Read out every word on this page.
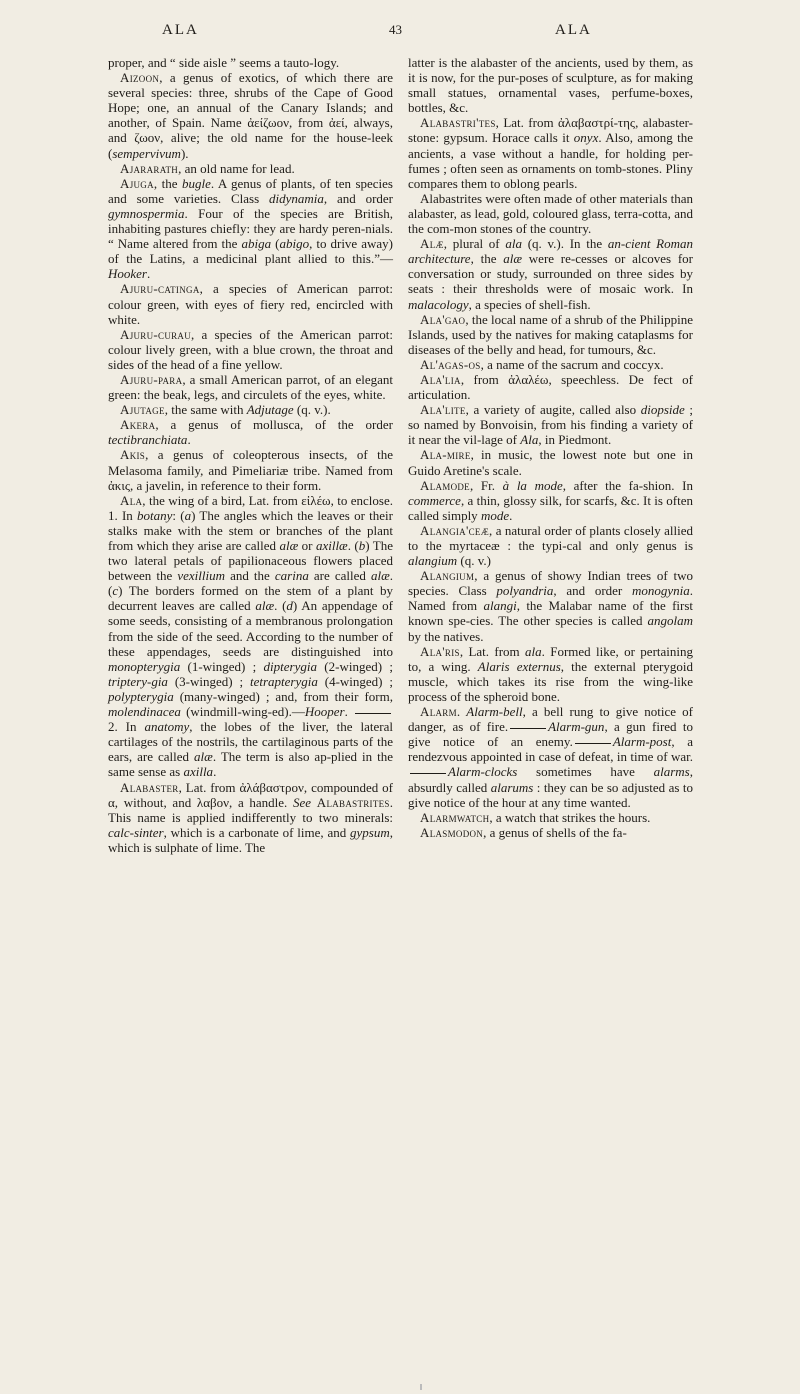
ALA	43	ALA

proper, and “ side aisle ” seems a tauto-logy.

Aizoon, a genus of exotics, of which there are several species: three, shrubs of the Cape of Good Hope; one, an annual of the Canary Islands; and another, of Spain. Name ἀείζωον, from ἀεί, always, and ζωον, alive; the old name for the house-leek (sempervivum).

Ajararath, an old name for lead.

Ajuga, the bugle. A genus of plants, of ten species and some varieties. Class didynamia, and order gymnospermia. Four of the species are British, inhabiting pastures chiefly: they are hardy peren-nials. “ Name altered from the abiga (abigo, to drive away) of the Latins, a medicinal plant allied to this.”—Hooker.

Ajuru-catinga, a species of American parrot: colour green, with eyes of fiery red, encircled with white.

Ajuru-curau, a species of the American parrot: colour lively green, with a blue crown, the throat and sides of the head of a fine yellow.

Ajuru-para, a small American parrot, of an elegant green: the beak, legs, and circulets of the eyes, white.

Ajutage, the same with Adjutage (q. v.).

Akera, a genus of mollusca, of the order tectibranchiata.

Akis, a genus of coleopterous insects, of the Melasoma family, and Pimeliariæ tribe. Named from ἀκις, a javelin, in reference to their form.

Ala, the wing of a bird, Lat. from εἰλέω, to enclose. 1. In botany: (a) The angles which the leaves or their stalks make with the stem or branches of the plant from which they arise are called alæ or axillæ. (b) The two lateral petals of papilionaceous flowers placed between the vexillium and the carina are called alæ. (c) The borders formed on the stem of a plant by decurrent leaves are called alæ. (d) An appendage of some seeds, consisting of a membranous prolongation from the side of the seed. According to the number of these appendages, seeds are distinguished into monopterygia (1-winged) ; dipterygia (2-winged) ; triptery-gia (3-winged) ; tetrapterygia (4-winged) ; polypterygia (many-winged) ; and, from their form, molendinacea (windmill-wing-ed).—Hooper. 2. In anatomy, the lobes of the liver, the lateral cartilages of the nostrils, the cartilaginous parts of the ears, are called alæ. The term is also ap-plied in the same sense as axilla.

Alabaster, Lat. from ἀλάβαστρον, compounded of α, without, and λαβον, a handle. See Alabastrites. This name is applied indifferently to two minerals: calc-sinter, which is a carbonate of lime, and gypsum, which is sulphate of lime. The

latter is the alabaster of the ancients, used by them, as it is now, for the pur-poses of sculpture, as for making small statues, ornamental vases, perfume-boxes, bottles, &c.

Alabastri'tes, Lat. from ἀλαβαστρί-της, alabaster-stone: gypsum. Horace calls it onyx. Also, among the ancients, a vase without a handle, for holding per-fumes ; often seen as ornaments on tomb-stones. Pliny compares them to oblong pearls.

Alabastrites were often made of other materials than alabaster, as lead, gold, coloured glass, terra-cotta, and the com-mon stones of the country.

Alæ, plural of ala (q. v.). In the an-cient Roman architecture, the alæ were re-cesses or alcoves for conversation or study, surrounded on three sides by seats : their thresholds were of mosaic work. In malacology, a species of shell-fish.

Ala'gao, the local name of a shrub of the Philippine Islands, used by the natives for making cataplasms for diseases of the belly and head, for tumours, &c.

Al'agas-os, a name of the sacrum and coccyx.

Ala'lia, from ἀλαλέω, speechless. De fect of articulation.

Ala'lite, a variety of augite, called also diopside ; so named by Bonvoisin, from his finding a variety of it near the vil-lage of Ala, in Piedmont.

Ala-mire, in music, the lowest note but one in Guido Aretine's scale.

Alamode, Fr. à la mode, after the fa-shion. In commerce, a thin, glossy silk, for scarfs, &c. It is often called simply mode.

Alangia'ceæ, a natural order of plants closely allied to the myrtaceæ : the typi-cal and only genus is alangium (q. v.)

Alangium, a genus of showy Indian trees of two species. Class polyandria, and order monogynia. Named from alangi, the Malabar name of the first known spe-cies. The other species is called angolam by the natives.

Ala'ris, Lat. from ala. Formed like, or pertaining to, a wing. Alaris externus, the external pterygoid muscle, which takes its rise from the wing-like process of the spheroid bone.

Alarm. Alarm-bell, a bell rung to give notice of danger, as of fire.	Alarm-gun, a gun fired to give notice of an enemy.	Alarm-post, a rendezvous appointed in case of defeat, in time of war.Alarm-clocks sometimes have alarms, absurdly called alarums : they can be so adjusted as to give notice of the hour at any time wanted.

Alarmwatch, a watch that strikes the hours.

Alasmodon, a genus of shells of the fa-
